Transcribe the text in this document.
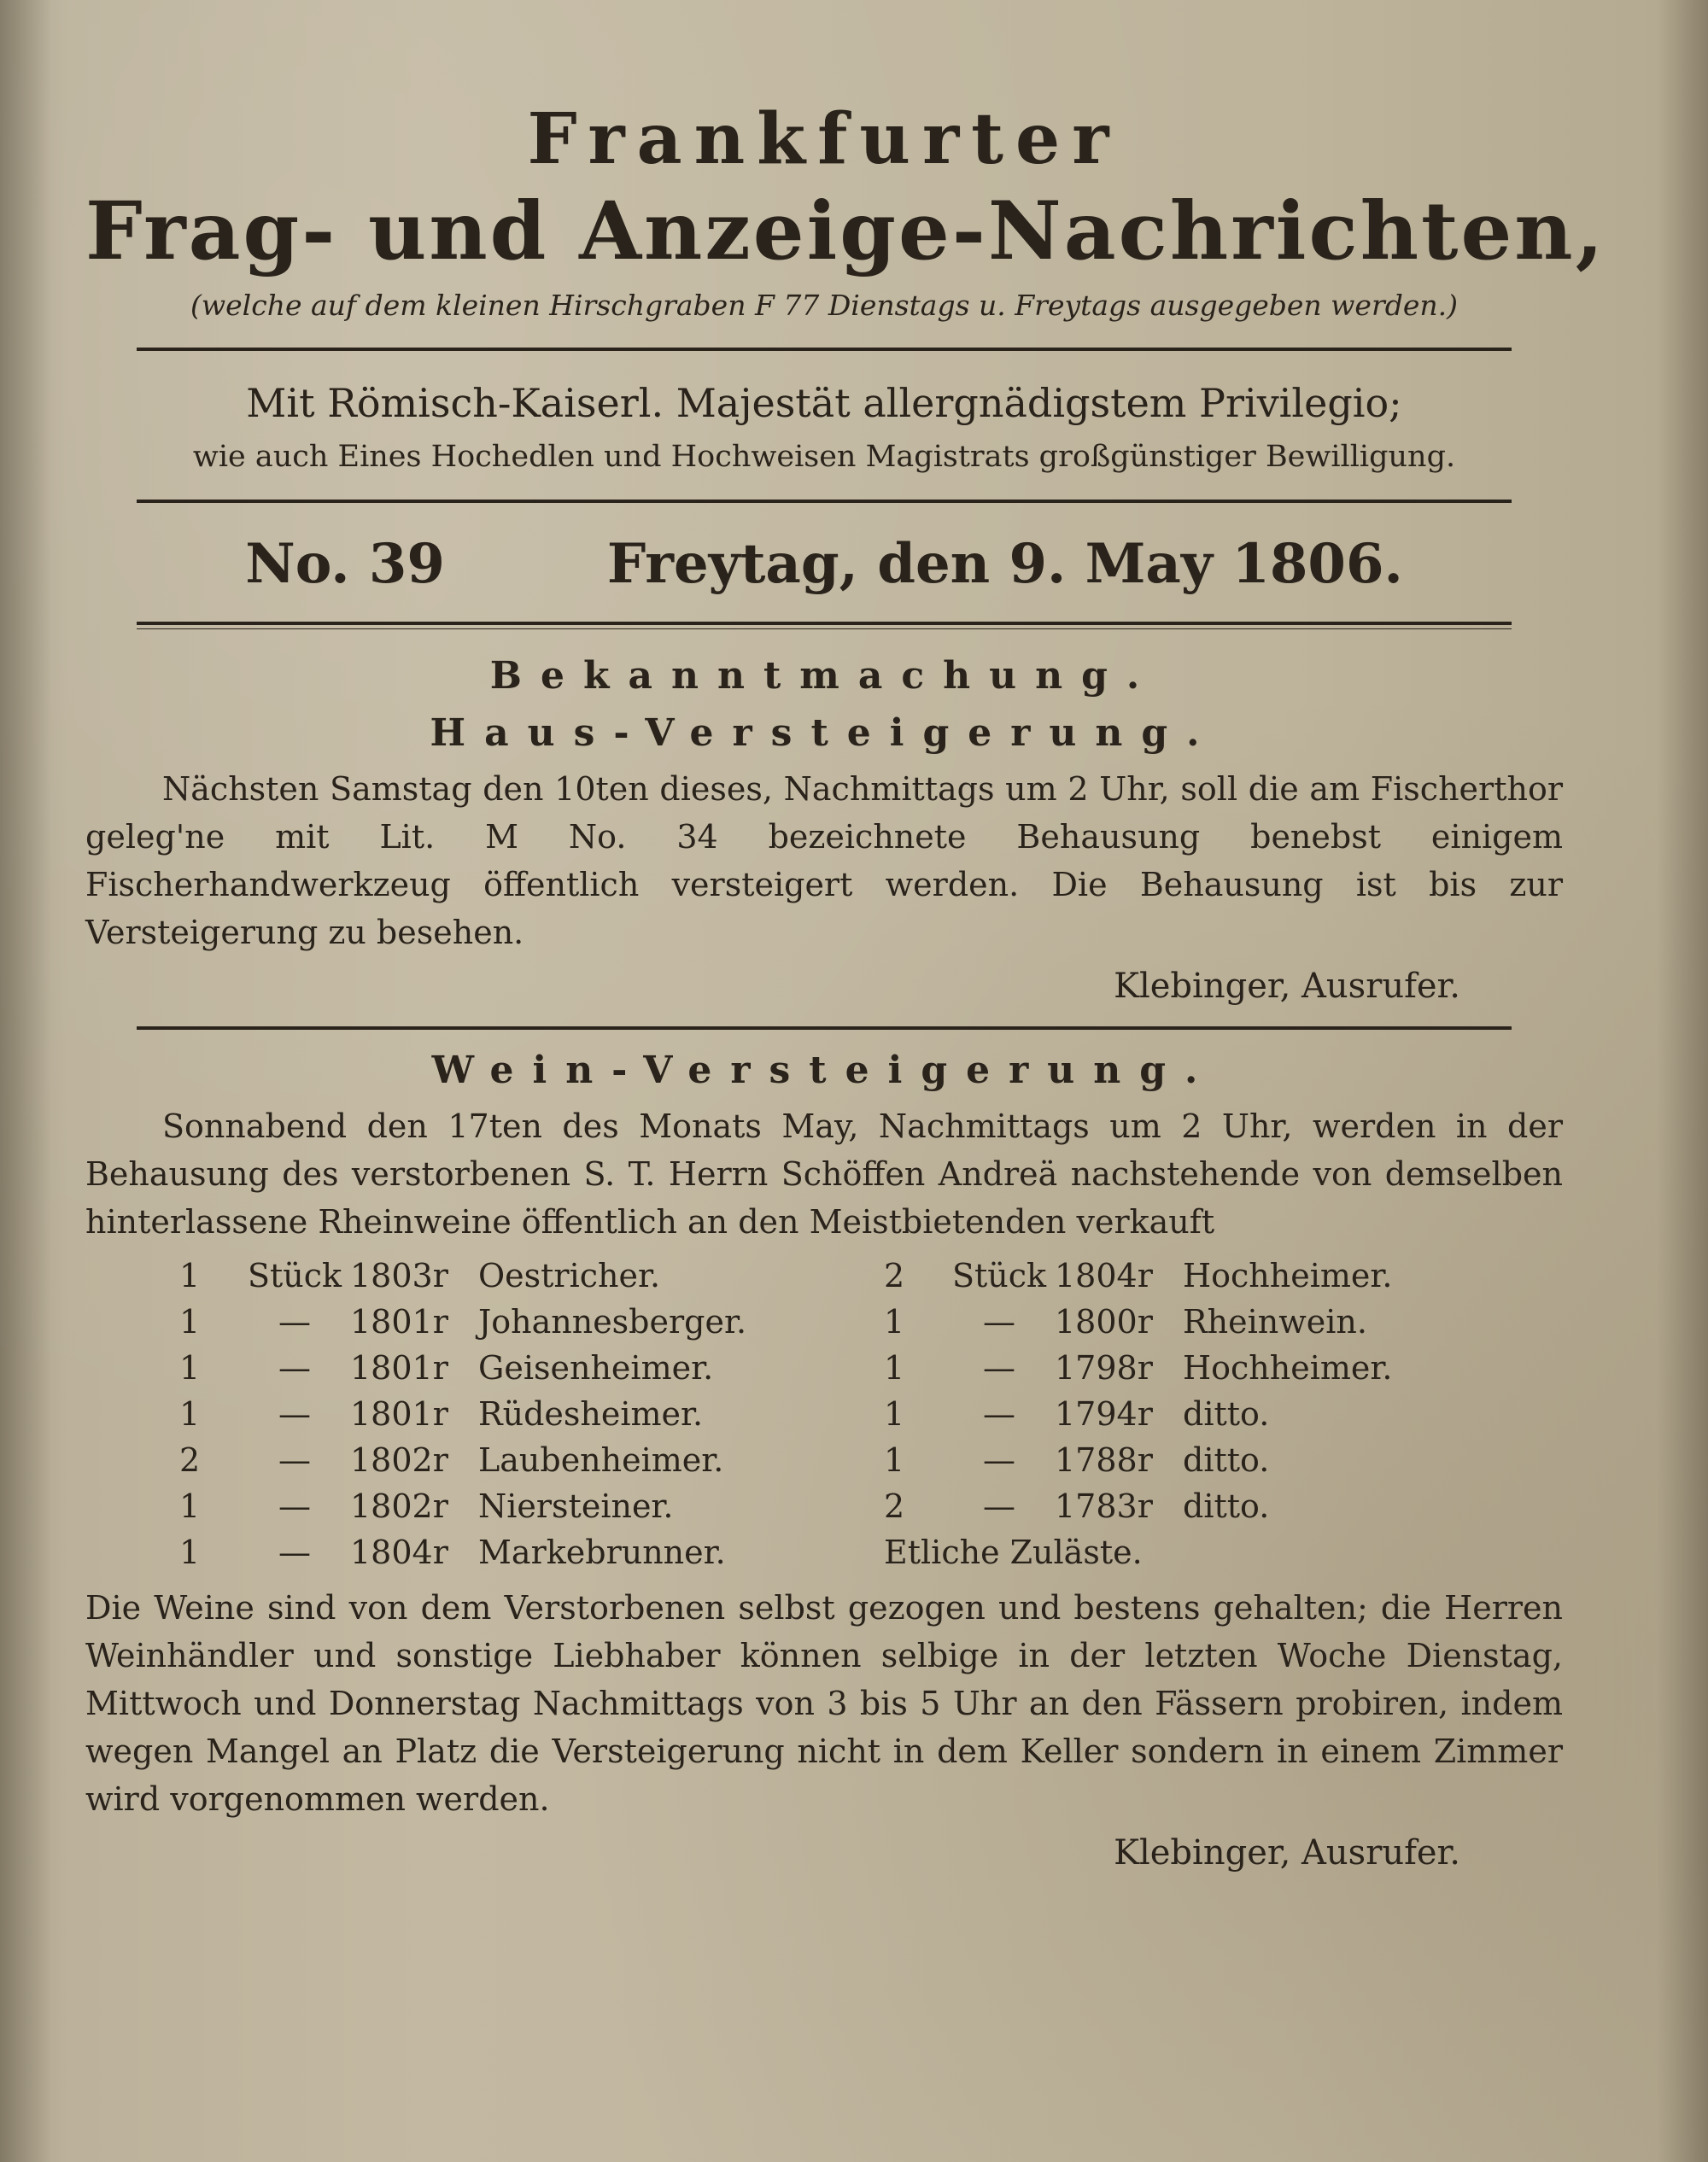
Frankfurter
Frag- und Anzeige-Nachrichten,
(welche auf dem kleinen Hirschgraben F 77 Dienstags u. Freytags ausgegeben werden.)
Mit Römisch-Kaiserl. Majestät allergnädigstem Privilegio;
wie auch Eines Hochedlen und Hochweisen Magistrats großgünstiger Bewilligung.
No. 39	Freytag, den 9. May 1806.
Bekanntmachung.
Haus-Versteigerung.

Nächsten Samstag den 10ten dieses, Nachmittags um 2 Uhr, soll die am Fischerthor geleg'ne mit Lit. M No. 34 bezeichnete Behausung benebst einigem Fischerhandwerkzeug öffentlich versteigert werden. Die Behausung ist bis zur Versteigerung zu besehen.

Klebinger, Ausrufer.
Wein-Versteigerung.

Sonnabend den 17ten des Monats May, Nachmittags um 2 Uhr, werden in der Behausung des verstorbenen S. T. Herrn Schöffen Andreä nachstehende von demselben hinterlassene Rheinweine öffentlich an den Meistbietenden verkauft

1	Stück 1803r Oestricher.
1	—	1801r Johannesberger.
1	—	1801r Geisenheimer.
1	—	1801r Rüdesheimer.
2	—	1802r Laubenheimer.
1	—	1802r Niersteiner.
1	—	1804r Markebrunner.
2	Stück 1804r Hochheimer.
1	—	1800r Rheinwein.
1	—	1798r Hochheimer.
1	—	1794r ditto.
1	—	1788r ditto.
2	—	1783r ditto.
Etliche Zuläste.

Die Weine sind von dem Verstorbenen selbst gezogen und bestens gehalten; die Herren Weinhändler und sonstige Liebhaber können selbige in der letzten Woche Dienstag, Mittwoch und Donnerstag Nachmittags von 3 bis 5 Uhr an den Fässern probiren, indem wegen Mangel an Platz die Versteigerung nicht in dem Keller sondern in einem Zimmer wird vorgenommen werden.

Klebinger, Ausrufer.
